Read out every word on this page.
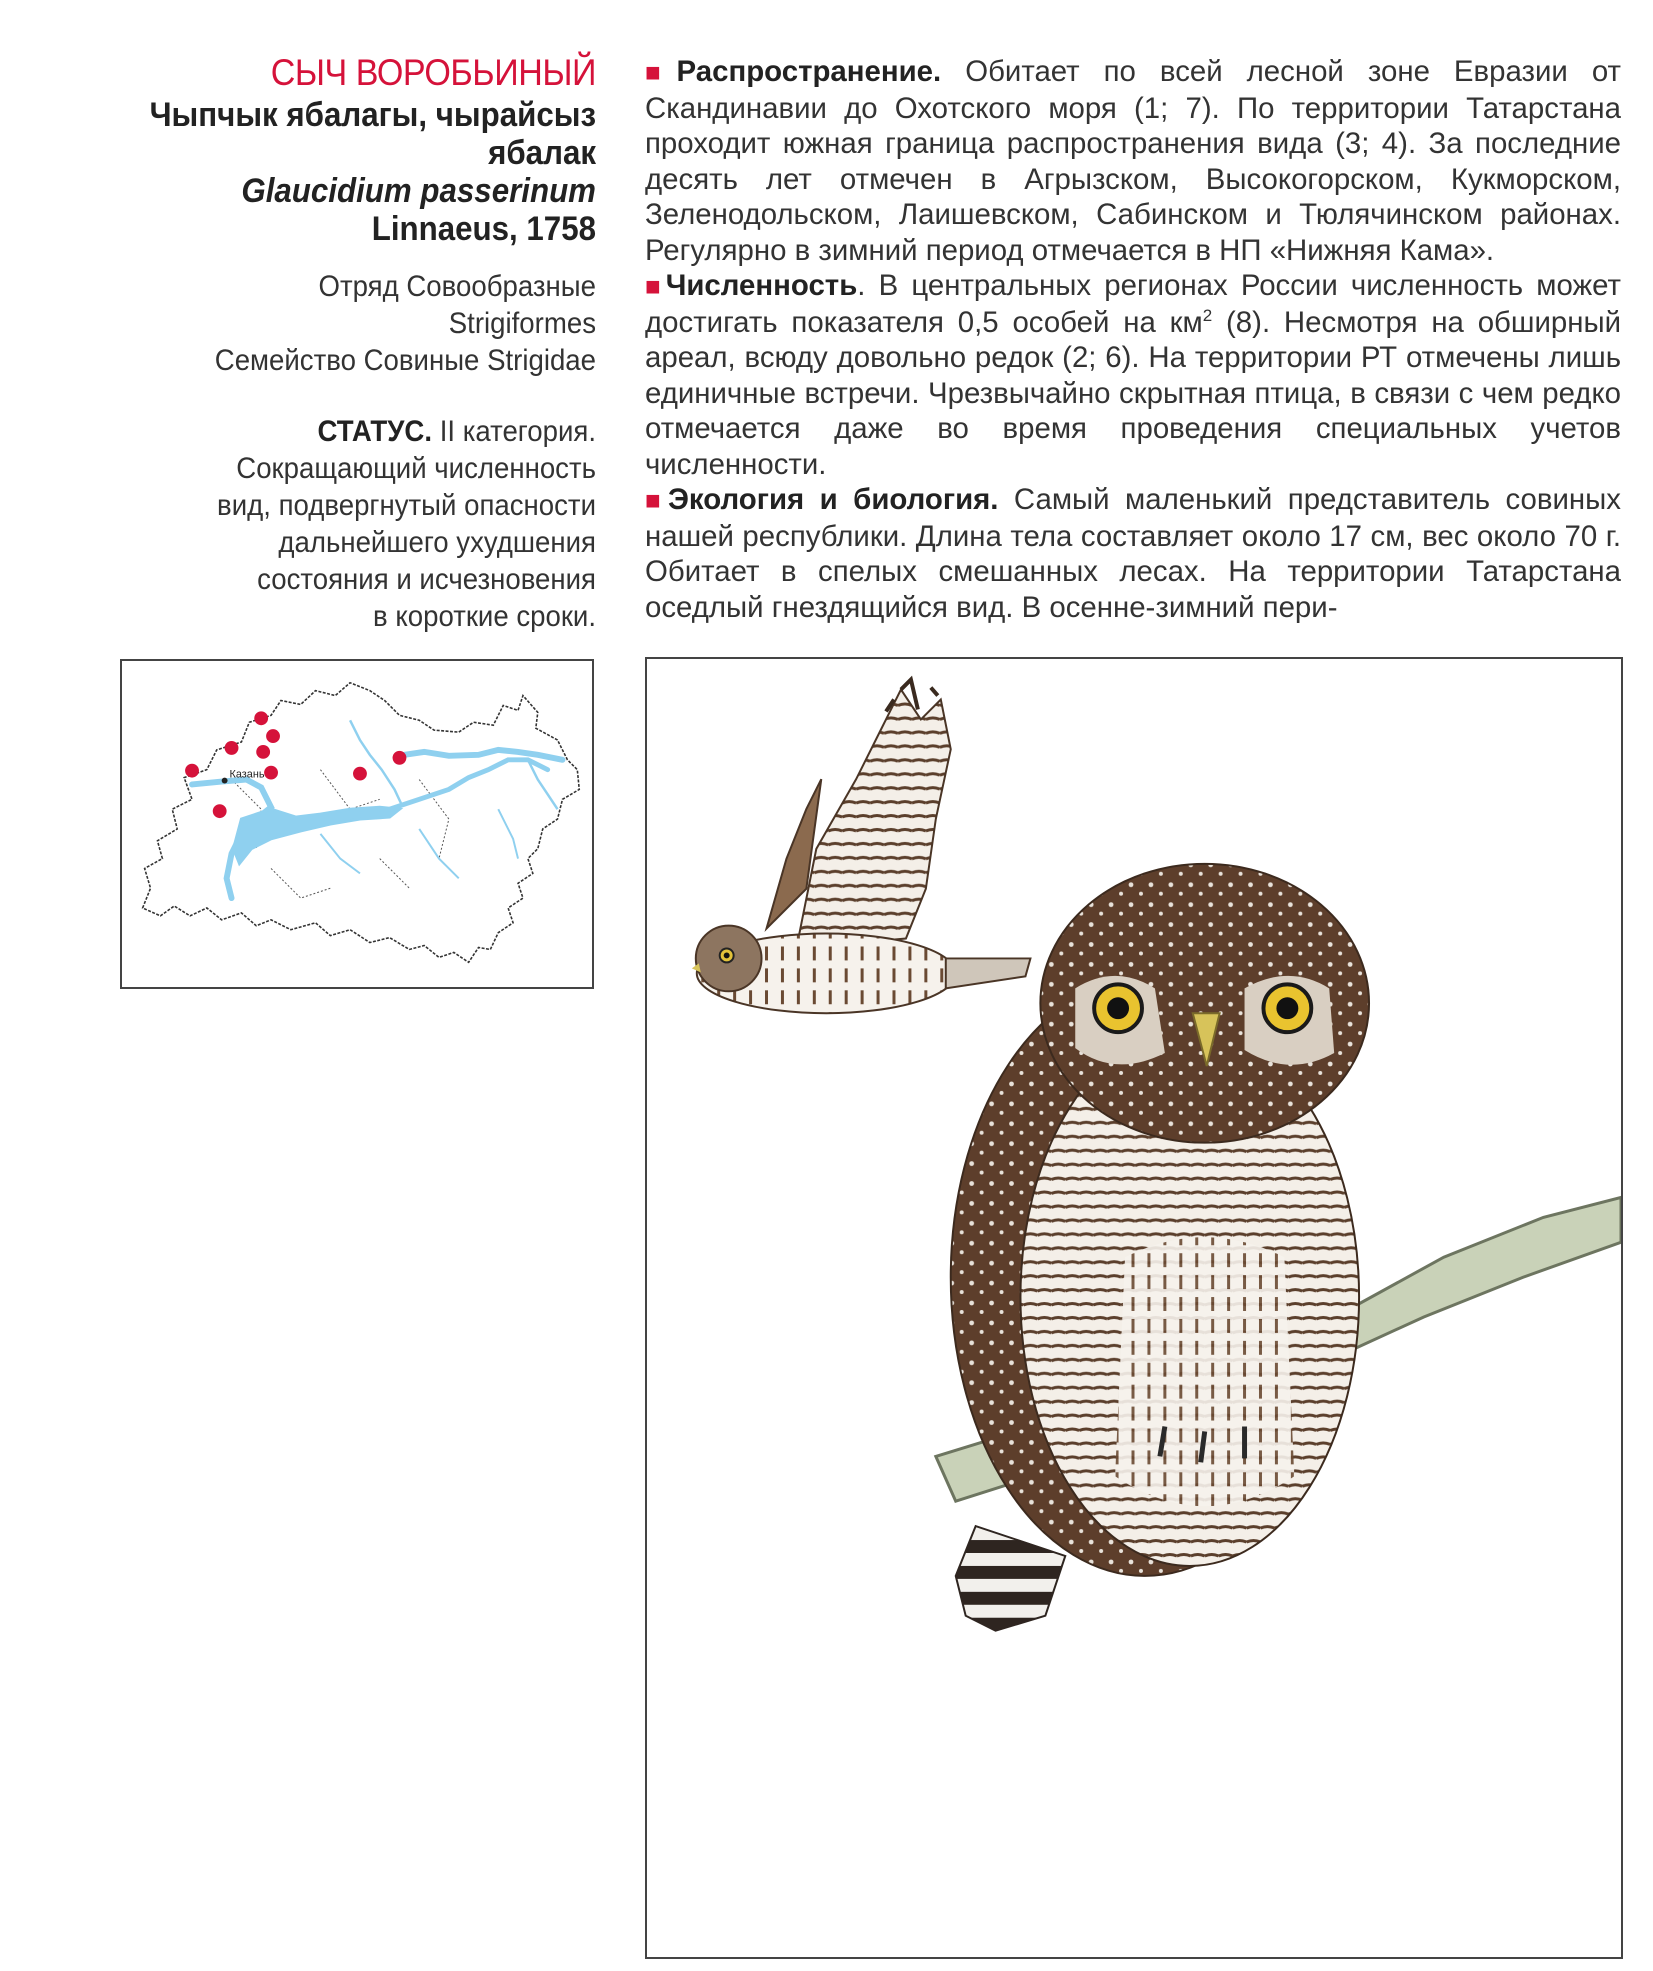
СЫЧ ВОРОБЬИНЫЙ
Чыпчык ябалагы, чырайсыз
ябалак
Glaucidium passerinum
Linnaeus, 1758
Отряд Совообразные
Strigiformes
Семейство Совиные Strigidae
СТАТУС. II категория.
Сокращающий численность
вид, подвергнутый опасности
дальнейшего ухудшения
состояния и исчезновения
в короткие сроки.
Казань

■Распространение. Обитает по всей лесной зоне Евразии от Скандинавии до Охотского моря (1; 7). По территории Татарстана проходит южная граница распространения вида (3; 4). За последние десять лет отмечен в Агрызском, Высокогорском, Кукморском, Зеленодольском, Лаишевском, Сабинском и Тюлячинском районах. Регулярно в зимний период отмечается в НП «Нижняя Кама».

■Численность. В центральных регионах России численность может достигать показателя 0,5 особей на $км^2$ (8). Несмотря на обширный ареал, всюду довольно редок (2; 6). На территории РТ отмечены лишь единичные встречи. Чрезвычайно скрытная птица, в связи с чем редко отмечается даже во время проведения специальных учетов численности.

■Экология и биология. Самый маленький представитель совиных нашей республики. Длина тела составляет около 17 см, вес около 70 г. Обитает в спелых смешанных лесах. На территории Татарстана оседлый гнездящийся вид. В осенне-зимний пери-
